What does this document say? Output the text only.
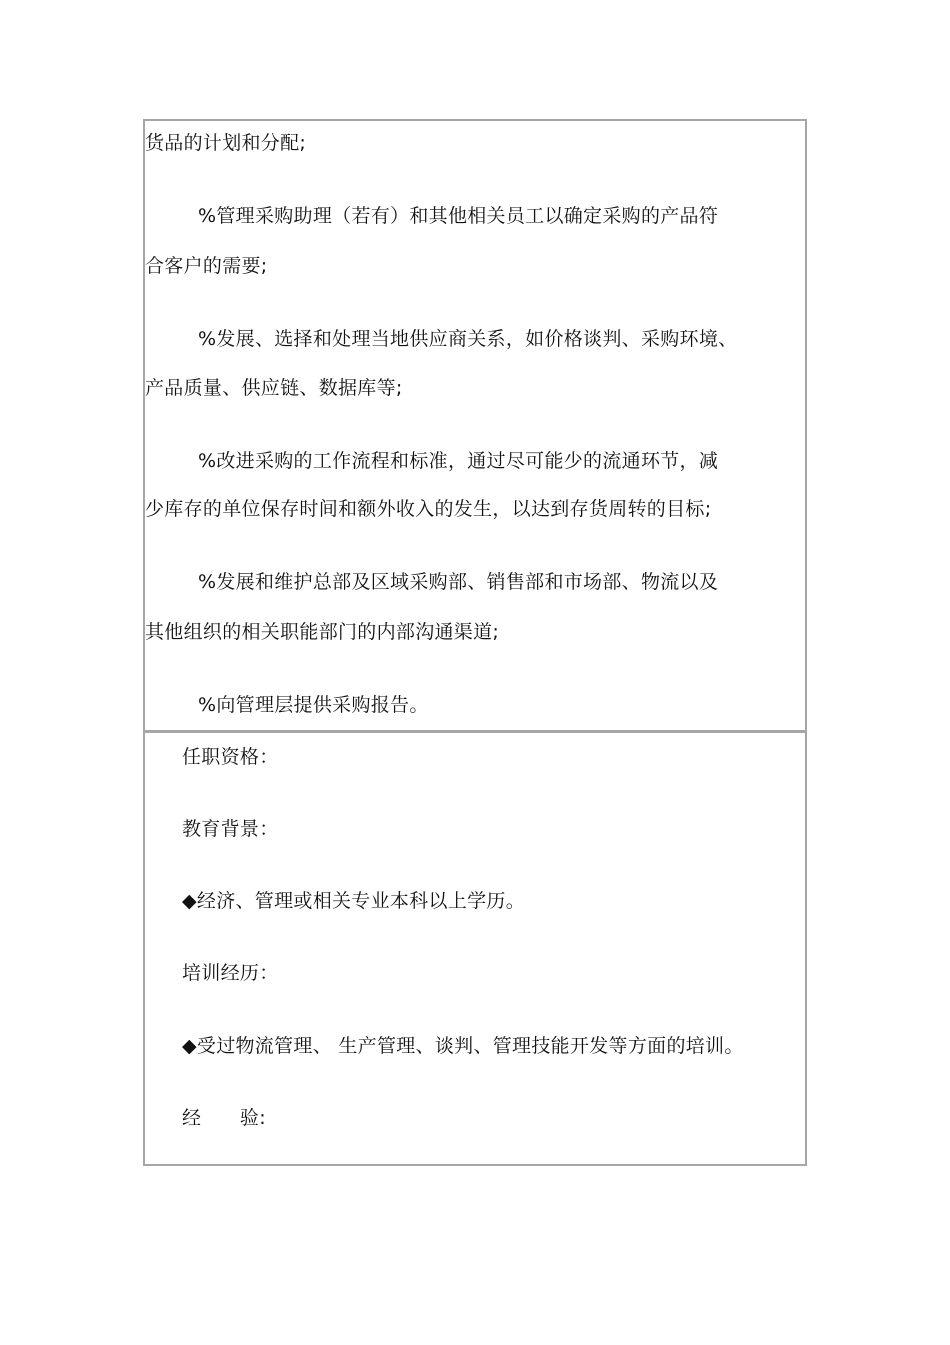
货品的计划和分配;
%管理采购助理（若有）和其他相关员工以确定采购的产品符
合客户的需要;
%发展、选择和处理当地供应商关系，如价格谈判、采购环境、
产品质量、供应链、数据库等;
%改进采购的工作流程和标准，通过尽可能少的流通环节，减
少库存的单位保存时间和额外收入的发生，以达到存货周转的目标;
%发展和维护总部及区域采购部、销售部和市场部、物流以及
其他组织的相关职能部门的内部沟通渠道;
%向管理层提供采购报告。
任职资格：
教育背景：
◆经济、管理或相关专业本科以上学历。
培训经历：
◆受过物流管理、 生产管理、谈判、管理技能开发等方面的培训。
经　　验:
